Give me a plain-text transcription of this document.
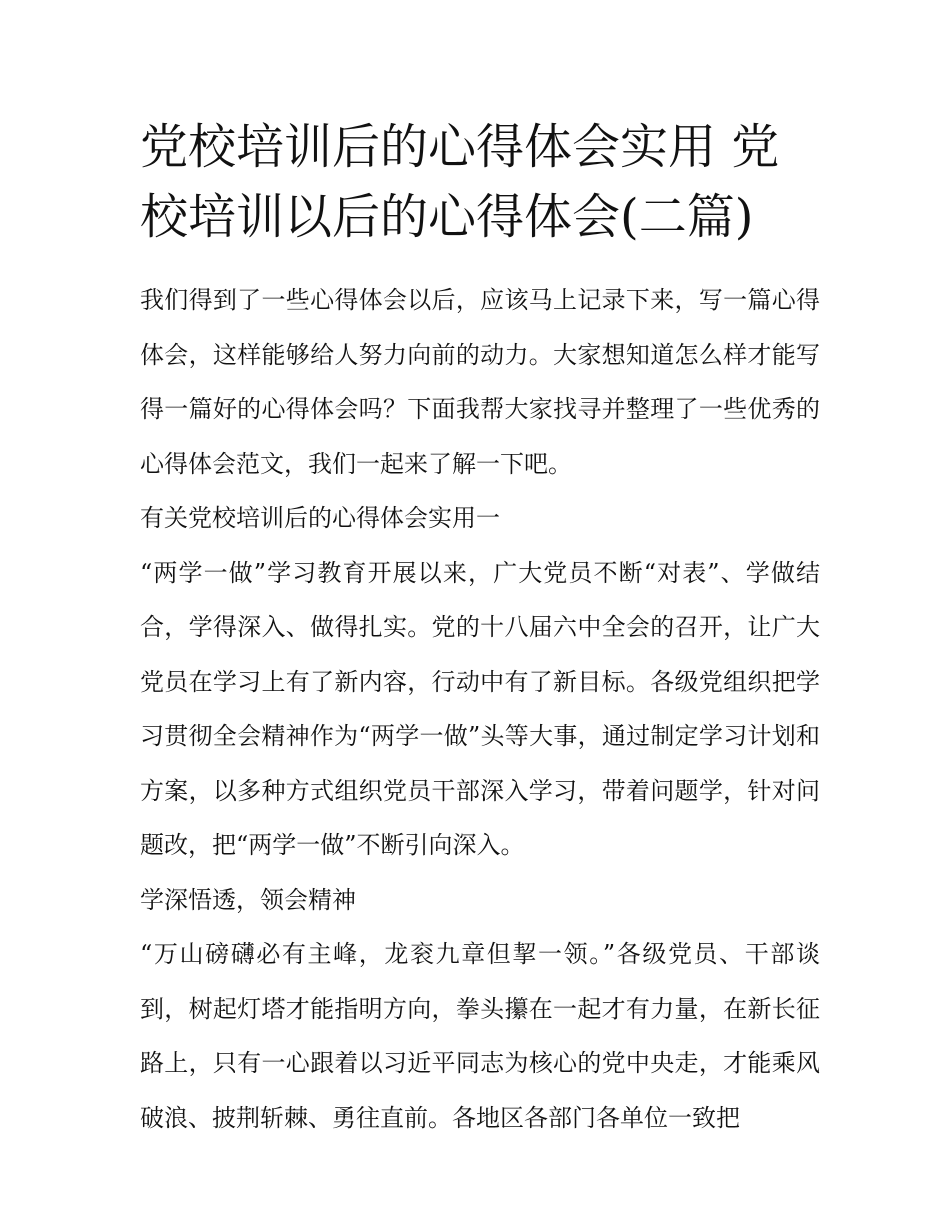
党校培训后的心得体会实用 党校培训以后的心得体会(二篇)

我们得到了一些心得体会以后，应该马上记录下来，写一篇心得体会，这样能够给人努力向前的动力。大家想知道怎么样才能写得一篇好的心得体会吗？下面我帮大家找寻并整理了一些优秀的心得体会范文，我们一起来了解一下吧。

有关党校培训后的心得体会实用一

“两学一做”学习教育开展以来，广大党员不断“对表”、学做结合，学得深入、做得扎实。党的十八届六中全会的召开，让广大党员在学习上有了新内容，行动中有了新目标。各级党组织把学习贯彻全会精神作为“两学一做”头等大事，通过制定学习计划和方案，以多种方式组织党员干部深入学习，带着问题学，针对问题改，把“两学一做”不断引向深入。

学深悟透，领会精神

“万山磅礴必有主峰，龙衮九章但挈一领。”各级党员、干部谈到，树起灯塔才能指明方向，拳头攥在一起才有力量，在新长征路上，只有一心跟着以习近平同志为核心的党中央走，才能乘风破浪、披荆斩棘、勇往直前。各地区各部门各单位一致把
